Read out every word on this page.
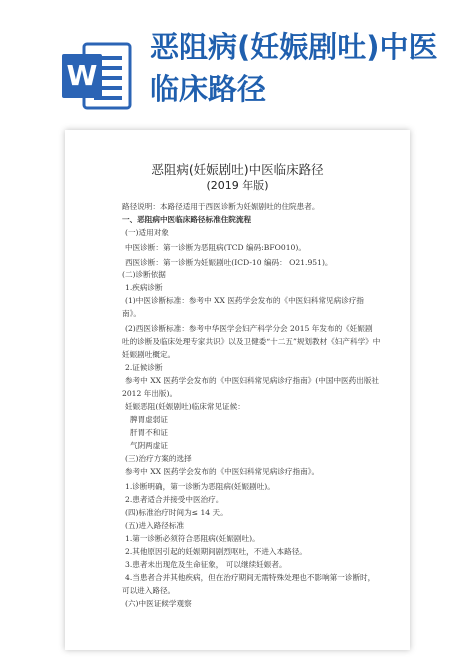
W
恶阻病(妊娠剧吐)中医临床路径
恶阻病(妊娠剧吐)中医临床路径
(2019 年版)
路径说明：本路径适用于西医诊断为妊娠剧吐的住院患者。
一、恶阻病中医临床路径标准住院流程
(一)适用对象
中医诊断：第一诊断为恶阻病(TCD 编码:BFO010)。
西医诊断：第一诊断为妊娠剧吐(ICD-10 编码： O21.951)。
(二)诊断依据
1.疾病诊断
(1)中医诊断标准：参考中 XX 医药学会发布的《中医妇科常见病诊疗指
南》。
(2)西医诊断标准：参考中华医学会妇产科学分会 2015 年发布的《妊娠剧
吐的诊断及临床处理专家共识》以及卫健委“十二五”规划教材《妇产科学》中
妊娠剧吐概定。
2.证候诊断
参考中 XX 医药学会发布的《中医妇科常见病诊疗指南》(中国中医药出版社
2012 年出版)。
妊娠恶阻(妊娠剧吐)临床常见证候：
脾胃虚弱证
肝胃不和证
气阴两虚证
(三)治疗方案的选择
参考中 XX 医药学会发布的《中医妇科常见病诊疗指南》。
1.诊断明确，第一诊断为恶阻病(妊娠剧吐)。
2.患者适合并接受中医治疗。
(四)标准治疗时间为≤ 14 天。
(五)进入路径标准
1.第一诊断必须符合恶阻病(妊娠剧吐)。
2.其他原因引起的妊娠期间剧烈呕吐，不进入本路径。
3.患者未出现危及生命征象， 可以继续妊娠者。
4.当患者合并其他疾病，但在治疗期间无需特殊处理也不影响第一诊断时，
可以进入路径。
(六)中医证候学观察
